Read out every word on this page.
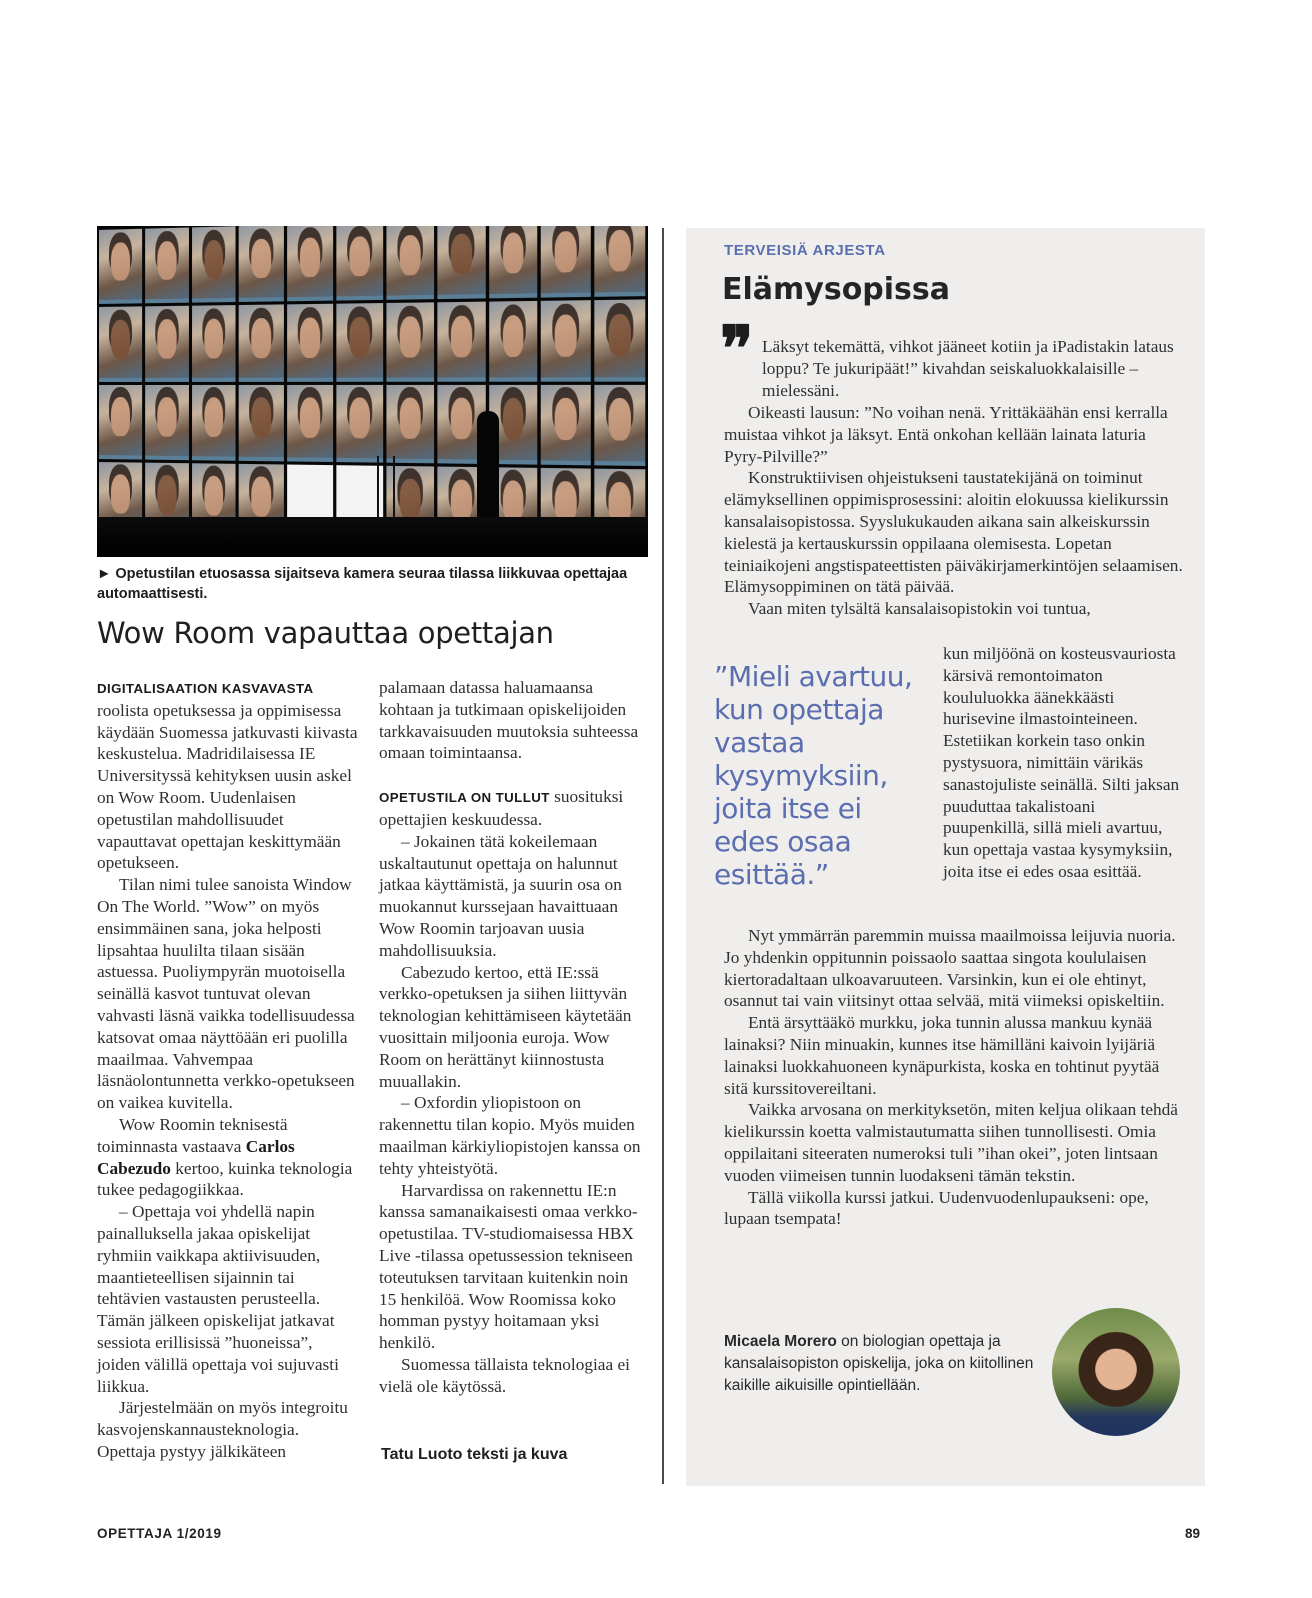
► Opetustilan etuosassa sijaitseva kamera seuraa tilassa liikkuvaa opettajaa automaattisesti.
Wow Room vapauttaa opettajan

DIGITALISAATION KASVAVASTA roolista opetuksessa ja oppimisessa käydään Suomessa jatkuvasti kiivasta keskustelua. Madridilaisessa IE Universityssä kehityksen uusin askel on Wow Room. Uudenlaisen opetustilan mahdollisuudet vapauttavat opettajan keskittymään opetukseen.

Tilan nimi tulee sanoista Window On The World. ”Wow” on myös ensimmäinen sana, joka helposti lipsahtaa huulilta tilaan sisään astuessa. Puoliympyrän muotoisella seinällä kasvot tuntuvat olevan vahvasti läsnä vaikka todellisuudessa katsovat omaa näyttöään eri puolilla maailmaa. Vahvempaa läsnäolontunnetta verkko-opetukseen on vaikea kuvitella.

Wow Roomin teknisestä toiminnasta vastaava Carlos Cabezudo kertoo, kuinka teknologia tukee pedagogiikkaa.

– Opettaja voi yhdellä napin painalluksella jakaa opiskelijat ryhmiin vaikkapa aktiivisuuden, maantieteellisen sijainnin tai tehtävien vastausten perusteella. Tämän jälkeen opiskelijat jatkavat sessiota erillisissä ”huoneissa”, joiden välillä opettaja voi sujuvasti liikkua.

Järjestelmään on myös integroitu kasvojenskannausteknologia. Opettaja pystyy jälkikäteen

palamaan datassa haluamaansa kohtaan ja tutkimaan opiskelijoiden tarkkavaisuuden muutoksia suhteessa omaan toimintaansa.

OPETUSTILA ON TULLUT suosituksi opettajien keskuudessa.

– Jokainen tätä kokeilemaan uskaltautunut opettaja on halunnut jatkaa käyttämistä, ja suurin osa on muokannut kurssejaan havaittuaan Wow Roomin tarjoavan uusia mahdollisuuksia.

Cabezudo kertoo, että IE:ssä verkko-opetuksen ja siihen liittyvän teknologian kehittämiseen käytetään vuosittain miljoonia euroja. Wow Room on herättänyt kiinnostusta muuallakin.

– Oxfordin yliopistoon on rakennettu tilan kopio. Myös muiden maailman kärkiyliopistojen kanssa on tehty yhteistyötä.

Harvardissa on rakennettu IE:n kanssa samanaikaisesti omaa verkko-opetustilaa. TV-studiomaisessa HBX Live -tilassa opetussession tekniseen toteutuksen tarvitaan kuitenkin noin 15 henkilöä. Wow Roomissa koko homman pystyy hoitamaan yksi henkilö.

Suomessa tällaista teknologiaa ei vielä ole käytössä.

Tatu Luoto teksti ja kuva
TERVEISIÄ ARJESTA
Elämysopissa
❞ Läksyt tekemättä, vihkot jääneet kotiin ja iPadistakin lataus loppu? Te jukuripäät!” kivahdan seiskaluokkalaisille – mielessäni.

Oikeasti lausun: ”No voihan nenä. Yrittäkäähän ensi kerralla muistaa vihkot ja läksyt. Entä onkohan kellään lainata laturia Pyry-Pilville?”

Konstruktiivisen ohjeistukseni taustatekijänä on toiminut elämyksellinen oppimisprosessini: aloitin elokuussa kielikurssin kansalaisopistossa. Syyslukukauden aikana sain alkeiskurssin kielestä ja kertauskurssin oppilaana olemisesta. Lopetan teiniaikojeni angstispateettisten päiväkirjamerkintöjen selaamisen. Elämysoppiminen on tätä päivää.

Vaan miten tylsältä kansalaisopistokin voi tuntua,

”Mieli avartuu, kun opettaja vastaa kysymyksiin, joita itse ei edes osaa esittää.”

kun miljöönä on kosteusvauriosta kärsivä remontoimaton koululuokka äänekkäästi hurisevine ilmastointeineen. Estetiikan korkein taso onkin pystysuora, nimittäin värikäs sanastojuliste seinällä. Silti jaksan puuduttaa takalistoani puupenkillä, sillä mieli avartuu, kun opettaja vastaa kysymyksiin, joita itse ei edes osaa esittää.

Nyt ymmärrän paremmin muissa maailmoissa leijuvia nuoria. Jo yhdenkin oppitunnin poissaolo saattaa singota koululaisen kiertoradaltaan ulkoavaruuteen. Varsinkin, kun ei ole ehtinyt, osannut tai vain viitsinyt ottaa selvää, mitä viimeksi opiskeltiin.

Entä ärsyttääkö murkku, joka tunnin alussa mankuu kynää lainaksi? Niin minuakin, kunnes itse hämilläni kaivoin lyijäriä lainaksi luokkahuoneen kynäpurkista, koska en tohtinut pyytää sitä kurssitovereiltani.

Vaikka arvosana on merkityksetön, miten keljua olikaan tehdä kielikurssin koetta valmistautumatta siihen tunnollisesti. Omia oppilaitani siteeraten numeroksi tuli ”ihan okei”, joten lintsaan vuoden viimeisen tunnin luodakseni tämän tekstin.

Tällä viikolla kurssi jatkui. Uudenvuodenlupaukseni: ope, lupaan tsempata!

Micaela Morero on biologian opettaja ja kansalaisopiston opiskelija, joka on kiitollinen kaikille aikuisille opintiellään.
OPETTAJA 1/2019	89
